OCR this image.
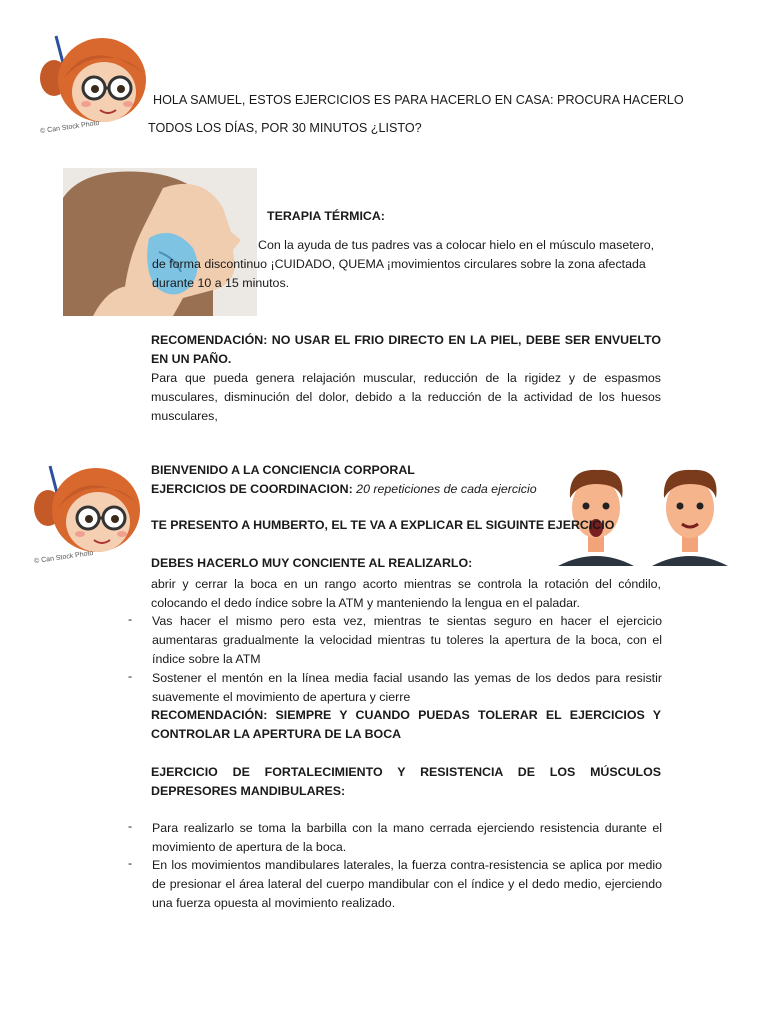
© Can Stock Photo
HOLA SAMUEL, ESTOS EJERCICIOS ES PARA HACERLO EN CASA: PROCURA HACERLO
TODOS LOS DÍAS, POR 30 MINUTOS ¿LISTO?
TERAPIA TÉRMICA:
Con la ayuda de tus padres vas a colocar hielo en el músculo masetero,
de forma discontinuo ¡CUIDADO, QUEMA ¡movimientos circulares sobre la zona afectada
durante 10 a 15 minutos.
RECOMENDACIÓN: NO USAR EL FRIO DIRECTO EN LA PIEL, DEBE SER ENVUELTO EN UN PAÑO.
Para que pueda genera relajación muscular, reducción de la rigidez y de espasmos musculares, disminución del dolor, debido a la reducción de la actividad de los huesos musculares,
© Can Stock Photo
BIENVENIDO A LA CONCIENCIA CORPORAL
EJERCICIOS DE COORDINACION: 20 repeticiones de cada ejercicio
TE PRESENTO A HUMBERTO, EL TE VA A EXPLICAR EL SIGUINTE EJERCICIO
DEBES HACERLO MUY CONCIENTE AL REALIZARLO:
abrir y cerrar la boca en un rango acorto mientras se controla la rotación del cóndilo, colocando el dedo índice sobre la ATM y manteniendo la lengua en el paladar.
- Vas hacer el mismo pero esta vez, mientras te sientas seguro en hacer el ejercicio aumentaras gradualmente la velocidad mientras tu toleres la apertura de la boca, con el índice sobre la ATM
- Sostener el mentón en la línea media facial usando las yemas de los dedos para resistir suavemente el movimiento de apertura y cierre
RECOMENDACIÓN: SIEMPRE Y CUANDO PUEDAS TOLERAR EL EJERCICIOS Y CONTROLAR LA APERTURA DE LA BOCA
EJERCICIO DE FORTALECIMIENTO Y RESISTENCIA DE LOS MÚSCULOS DEPRESORES MANDIBULARES:
- Para realizarlo se toma la barbilla con la mano cerrada ejerciendo resistencia durante el movimiento de apertura de la boca.
- En los movimientos mandibulares laterales, la fuerza contra-resistencia se aplica por medio de presionar el área lateral del cuerpo mandibular con el índice y el dedo medio, ejerciendo una fuerza opuesta al movimiento realizado.
